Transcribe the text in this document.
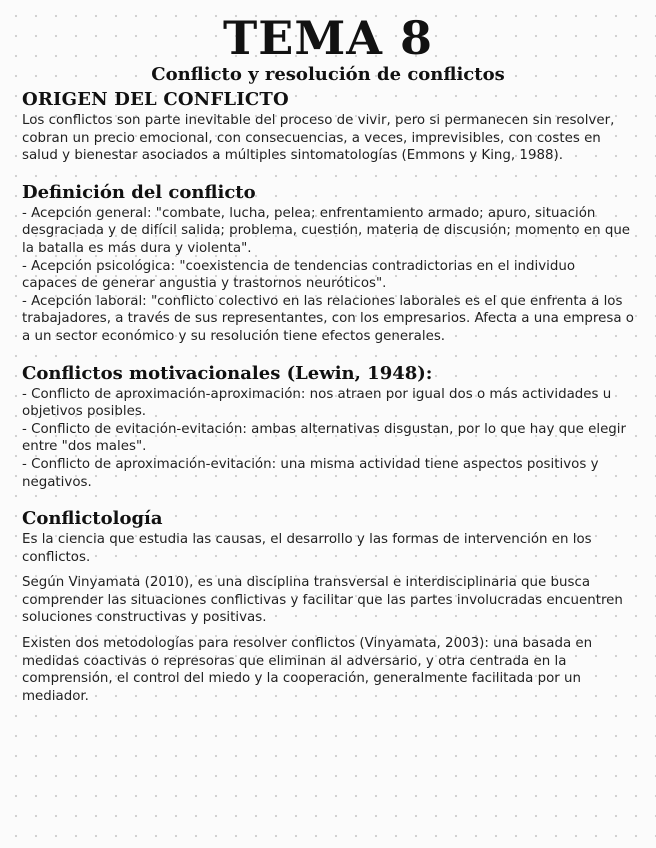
TEMA 8
Conflicto y resolución de conflictos
ORIGEN DEL CONFLICTO

Los conflictos son parte inevitable del proceso de vivir, pero si permanecen sin resolver, cobran un precio emocional, con consecuencias, a veces, imprevisibles, con costes en salud y bienestar asociados a múltiples sintomatologías (Emmons y King, 1988).

Definición del conflicto

- Acepción general: "combate, lucha, pelea; enfrentamiento armado; apuro, situación desgraciada y de difícil salida; problema, cuestión, materia de discusión; momento en que la batalla es más dura y violenta".

- Acepción psicológica: "coexistencia de tendencias contradictorias en el individuo capaces de generar angustia y trastornos neuróticos".

- Acepción laboral: "conflicto colectivo en las relaciones laborales es el que enfrenta a los trabajadores, a través de sus representantes, con los empresarios. Afecta a una empresa o a un sector económico y su resolución tiene efectos generales.

Conflictos motivacionales (Lewin, 1948):

- Conflicto de aproximación-aproximación: nos atraen por igual dos o más actividades u objetivos posibles.

- Conflicto de evitación-evitación: ambas alternativas disgustan, por lo que hay que elegir entre "dos males".

- Conflicto de aproximación-evitación: una misma actividad tiene aspectos positivos y negativos.

Conflictología

Es la ciencia que estudia las causas, el desarrollo y las formas de intervención en los conflictos.

Según Vinyamata (2010), es una disciplina transversal e interdisciplinaria que busca comprender las situaciones conflictivas y facilitar que las partes involucradas encuentren soluciones constructivas y positivas.

Existen dos metodologías para resolver conflictos (Vinyamata, 2003): una basada en medidas coactivas o represoras que eliminan al adversario, y otra centrada en la comprensión, el control del miedo y la cooperación, generalmente facilitada por un mediador.
